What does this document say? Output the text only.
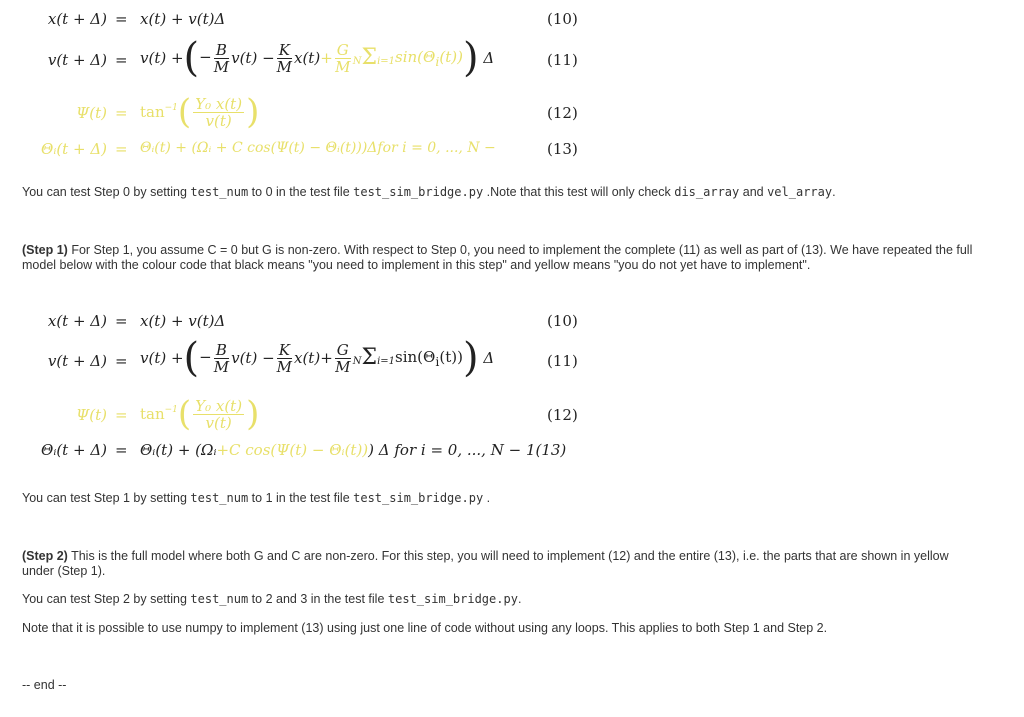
x(t + Δ) = x(t) + v(t)Δ	(10)
v(t + Δ) = v(t) +(− $\frac{B}{M} v(t) - \frac{K}{M} x(t)+ \frac{G}{M} N\Sigma i=1\sin(\Theta_i(t))$) Δ	(11)
$\Psi(t) = \tan^{-1}( \frac{\text{Y₀ x(t)}}{v(t)}$ )	(12)
Θᵢ(t + Δ) = Θᵢ(t) + (Ωᵢ + C cos(Ψ(t) − Θᵢ(t)))Δfor i = 0, ..., N −	(13)
You can test Step 0 by setting test_num to 0 in the test file test_sim_bridge.py .Note that this test will only check dis_array and vel_array.
(Step 1) For Step 1, you assume C = 0 but G is non-zero. With respect to Step 0, you need to implement the complete (11) as well as part of (13). We have repeated the full model below with the colour code that black means "you need to implement in this step" and yellow means "you do not yet have to implement".
x(t + Δ) = x(t) + v(t)Δ	(10)
v(t + Δ) = v(t) +(− $\frac{B}{M} v(t) - \frac{K}{M} x(t)+ \frac{G}{M} N\Sigma i=1\sin(\Theta_i(t))$) Δ	(11)
$\Psi(t) = \tan^{-1}( \frac{\text{Y₀ x(t)}}{v(t)}$ )	(12)
Θᵢ(t + Δ) = Θᵢ(t) + (Ωᵢ+C cos(Ψ(t) − Θᵢ(t))) Δ for i = 0, ..., N − 1(13)
You can test Step 1 by setting test_num to 1 in the test file test_sim_bridge.py .
(Step 2) This is the full model where both G and C are non-zero. For this step, you will need to implement (12) and the entire (13), i.e. the parts that are shown in yellow under (Step 1).
You can test Step 2 by setting test_num to 2 and 3 in the test file test_sim_bridge.py.
Note that it is possible to use numpy to implement (13) using just one line of code without using any loops. This applies to both Step 1 and Step 2.
-- end --
